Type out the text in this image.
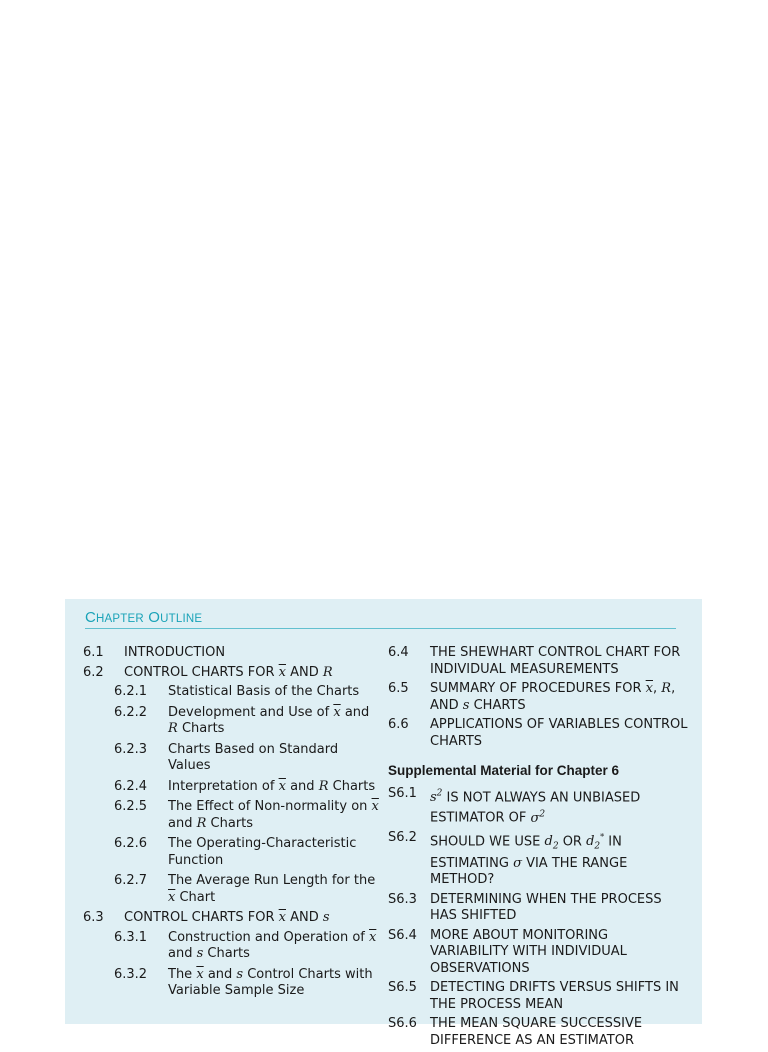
CHAPTER OUTLINE
6.1 INTRODUCTION
6.2 CONTROL CHARTS FOR $\overline{x}$ AND R
6.2.1 Statistical Basis of the Charts
6.2.2 Development and Use of $\overline{x}$ and R Charts
6.2.3 Charts Based on Standard Values
6.2.4 Interpretation of $\overline{x}$ and R Charts
6.2.5 The Effect of Non-normality on $\overline{x}$ and R Charts
6.2.6 The Operating-Characteristic Function
6.2.7 The Average Run Length for the $\overline{x}$ Chart
6.3 CONTROL CHARTS FOR $\overline{x}$ AND s
6.3.1 Construction and Operation of $\overline{x}$ and s Charts
6.3.2 The $\overline{x}$ and s Control Charts with Variable Sample Size
6.4 THE SHEWHART CONTROL CHART FOR INDIVIDUAL MEASUREMENTS
6.5 SUMMARY OF PROCEDURES FOR $\overline{x}$, R, AND s CHARTS
6.6 APPLICATIONS OF VARIABLES CONTROL CHARTS
Supplemental Material for Chapter 6
S6.1 $s^2$ IS NOT ALWAYS AN UNBIASED ESTIMATOR OF $\sigma^2$
S6.2 SHOULD WE USE $d_2$ OR $d_2^*$ IN ESTIMATING σ VIA THE RANGE METHOD?
S6.3 DETERMINING WHEN THE PROCESS HAS SHIFTED
S6.4 MORE ABOUT MONITORING VARIABILITY WITH INDIVIDUAL OBSERVATIONS
S6.5 DETECTING DRIFTS VERSUS SHIFTS IN THE PROCESS MEAN
S6.6 THE MEAN SQUARE SUCCESSIVE DIFFERENCE AS AN ESTIMATOR
